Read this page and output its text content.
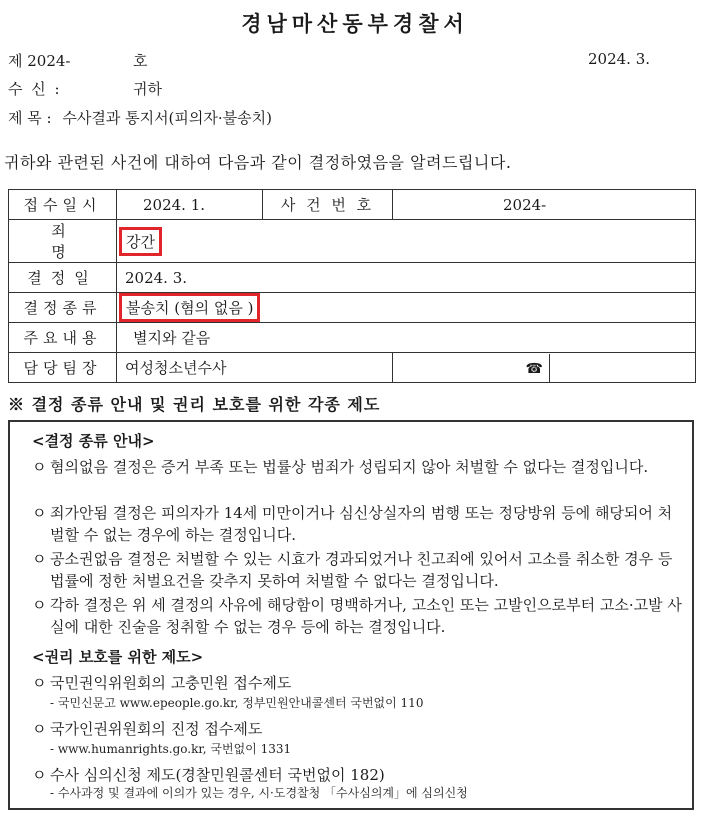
경남마산동부경찰서
제 2024-	호	2024. 3.
수 신 :	귀하
제 목 : 수사결과 통지서(피의자·불송치)
귀하와 관련된 사건에 대하여 다음과 같이 결정하였음을 알려드립니다.
접수일시	2024. 1.	사 건 번 호	2024-
죄 명	강간		
결정일	2024. 3.		
결정종류	불송치 (혐의 없음 )		
주요내용	별지와 같음		
담당팀장	여성청소년수사		☎
※ 결정 종류 안내 및 권리 보호를 위한 각종 제도
<결정 종류 안내>
ㅇ 혐의없음 결정은 증거 부족 또는 법률상 범죄가 성립되지 않아 처벌할 수 없다는 결정입니다.
ㅇ 죄가안됨 결정은 피의자가 14세 미만이거나 심신상실자의 범행 또는 정당방위 등에 해당되어 처벌할 수 없는 경우에 하는 결정입니다.
ㅇ 공소권없음 결정은 처벌할 수 있는 시효가 경과되었거나 친고죄에 있어서 고소를 취소한 경우 등 법률에 정한 처벌요건을 갖추지 못하여 처벌할 수 없다는 결정입니다.
ㅇ 각하 결정은 위 세 결정의 사유에 해당함이 명백하거나, 고소인 또는 고발인으로부터 고소·고발 사실에 대한 진술을 청취할 수 없는 경우 등에 하는 결정입니다.
<권리 보호를 위한 제도>
ㅇ 국민권익위원회의 고충민원 접수제도
- 국민신문고 www.epeople.go.kr, 정부민원안내콜센터 국번없이 110
ㅇ 국가인권위원회의 진정 접수제도
- www.humanrights.go.kr, 국번없이 1331
ㅇ 수사 심의신청 제도(경찰민원콜센터 국번없이 182)
- 수사과정 및 결과에 이의가 있는 경우, 시·도경찰청 「수사심의계」에 심의신청
